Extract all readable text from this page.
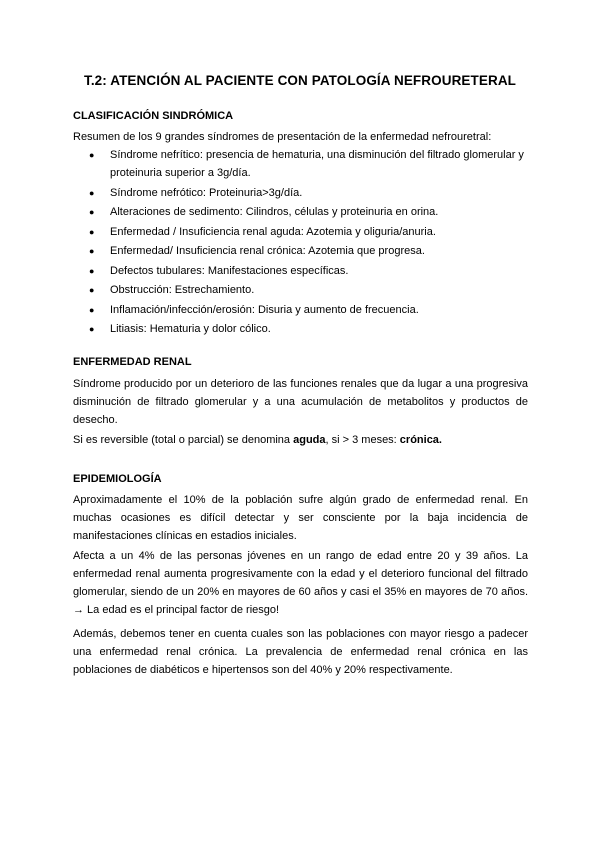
T.2: ATENCIÓN AL PACIENTE CON PATOLOGÍA NEFROURETERAL
CLASIFICACIÓN SINDRÓMICA
Resumen de los 9 grandes síndromes de presentación de la enfermedad nefrouretral:
● Síndrome nefrítico: presencia de hematuria, una disminución del filtrado glomerular y proteinuria superior a 3g/día.
● Síndrome nefrótico: Proteinuria>3g/día.
● Alteraciones de sedimento: Cilindros, células y proteinuria en orina.
● Enfermedad / Insuficiencia renal aguda: Azotemia y oliguria/anuria.
● Enfermedad/ Insuficiencia renal crónica: Azotemia que progresa.
● Defectos tubulares: Manifestaciones específicas.
● Obstrucción: Estrechamiento.
● Inflamación/infección/erosión: Disuria y aumento de frecuencia.
● Litiasis: Hematuria y dolor cólico.
ENFERMEDAD RENAL
Síndrome producido por un deterioro de las funciones renales que da lugar a una progresiva disminución de filtrado glomerular y a una acumulación de metabolitos y productos de desecho.
Si es reversible (total o parcial) se denomina aguda, si > 3 meses: crónica.
EPIDEMIOLOGÍA
Aproximadamente el 10% de la población sufre algún grado de enfermedad renal. En muchas ocasiones es difícil detectar y ser consciente por la baja incidencia de manifestaciones clínicas en estadios iniciales.
Afecta a un 4% de las personas jóvenes en un rango de edad entre 20 y 39 años. La enfermedad renal aumenta progresivamente con la edad y el deterioro funcional del filtrado glomerular, siendo de un 20% en mayores de 60 años y casi el 35% en mayores de 70 años. → La edad es el principal factor de riesgo!
Además, debemos tener en cuenta cuales son las poblaciones con mayor riesgo a padecer una enfermedad renal crónica. La prevalencia de enfermedad renal crónica en las poblaciones de diabéticos e hipertensos son del 40% y 20% respectivamente.
